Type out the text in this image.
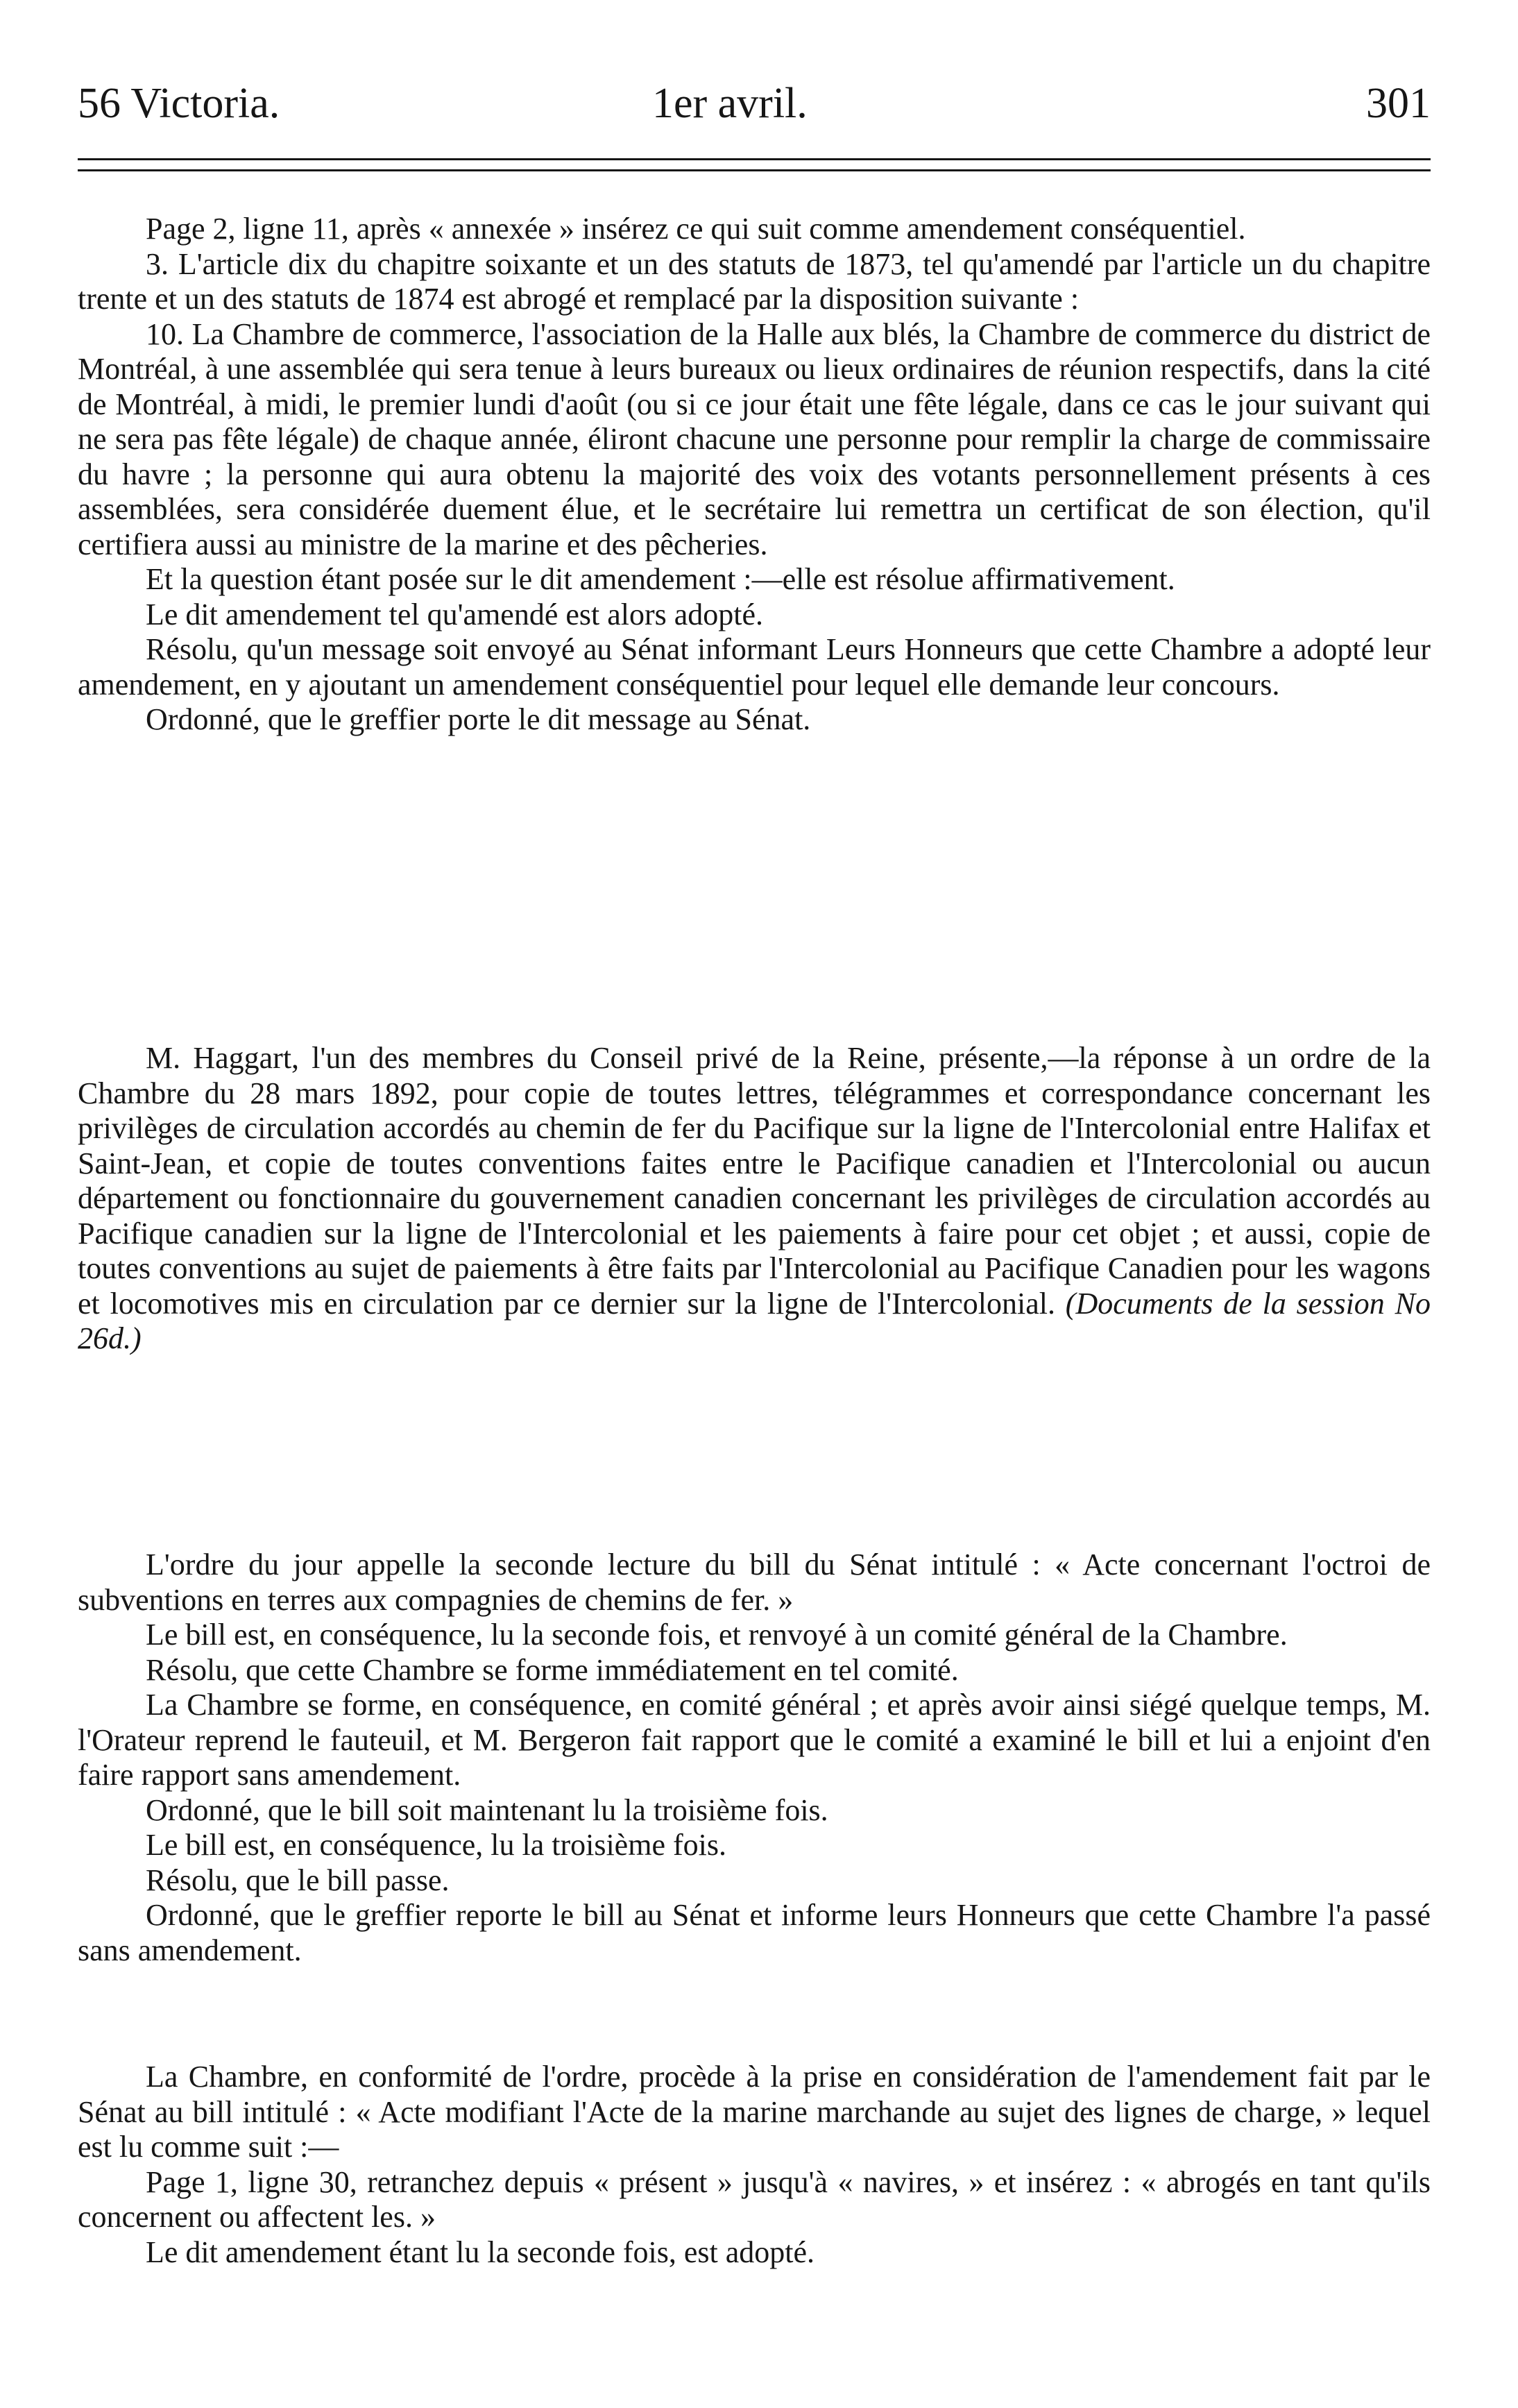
56 Victoria.	1er avril.	301

Page 2, ligne 11, après « annexée » insérez ce qui suit comme amendement conséquentiel.

3. L'article dix du chapitre soixante et un des statuts de 1873, tel qu'amendé par l'article un du chapitre trente et un des statuts de 1874 est abrogé et remplacé par la disposition suivante :

10. La Chambre de commerce, l'association de la Halle aux blés, la Chambre de commerce du district de Montréal, à une assemblée qui sera tenue à leurs bureaux ou lieux ordinaires de réunion respectifs, dans la cité de Montréal, à midi, le premier lundi d'août (ou si ce jour était une fête légale, dans ce cas le jour suivant qui ne sera pas fête légale) de chaque année, éliront chacune une personne pour remplir la charge de commissaire du havre ; la personne qui aura obtenu la majorité des voix des votants personnellement présents à ces assemblées, sera considérée duement élue, et le secrétaire lui remettra un certificat de son élection, qu'il certifiera aussi au ministre de la marine et des pêcheries.

Et la question étant posée sur le dit amendement :—elle est résolue affirmativement.

Le dit amendement tel qu'amendé est alors adopté.

Résolu, qu'un message soit envoyé au Sénat informant Leurs Honneurs que cette Chambre a adopté leur amendement, en y ajoutant un amendement conséquentiel pour lequel elle demande leur concours.

Ordonné, que le greffier porte le dit message au Sénat.

M. Haggart, l'un des membres du Conseil privé de la Reine, présente,—la réponse à un ordre de la Chambre du 28 mars 1892, pour copie de toutes lettres, télégrammes et correspondance concernant les privilèges de circulation accordés au chemin de fer du Pacifique sur la ligne de l'Intercolonial entre Halifax et Saint-Jean, et copie de toutes conventions faites entre le Pacifique canadien et l'Intercolonial ou aucun département ou fonctionnaire du gouvernement canadien concernant les privilèges de circulation accordés au Pacifique canadien sur la ligne de l'Intercolonial et les paiements à faire pour cet objet ; et aussi, copie de toutes conventions au sujet de paiements à être faits par l'Intercolonial au Pacifique Canadien pour les wagons et locomotives mis en circulation par ce dernier sur la ligne de l'Intercolonial. (Documents de la session No 26d.)

L'ordre du jour appelle la seconde lecture du bill du Sénat intitulé : « Acte concernant l'octroi de subventions en terres aux compagnies de chemins de fer. »

Le bill est, en conséquence, lu la seconde fois, et renvoyé à un comité général de la Chambre.

Résolu, que cette Chambre se forme immédiatement en tel comité.

La Chambre se forme, en conséquence, en comité général ; et après avoir ainsi siégé quelque temps, M. l'Orateur reprend le fauteuil, et M. Bergeron fait rapport que le comité a examiné le bill et lui a enjoint d'en faire rapport sans amendement.

Ordonné, que le bill soit maintenant lu la troisième fois.

Le bill est, en conséquence, lu la troisième fois.

Résolu, que le bill passe.

Ordonné, que le greffier reporte le bill au Sénat et informe leurs Honneurs que cette Chambre l'a passé sans amendement.

La Chambre, en conformité de l'ordre, procède à la prise en considération de l'amendement fait par le Sénat au bill intitulé : « Acte modifiant l'Acte de la marine marchande au sujet des lignes de charge, » lequel est lu comme suit :—

Page 1, ligne 30, retranchez depuis « présent » jusqu'à « navires, » et insérez : « abrogés en tant qu'ils concernent ou affectent les. »

Le dit amendement étant lu la seconde fois, est adopté.
